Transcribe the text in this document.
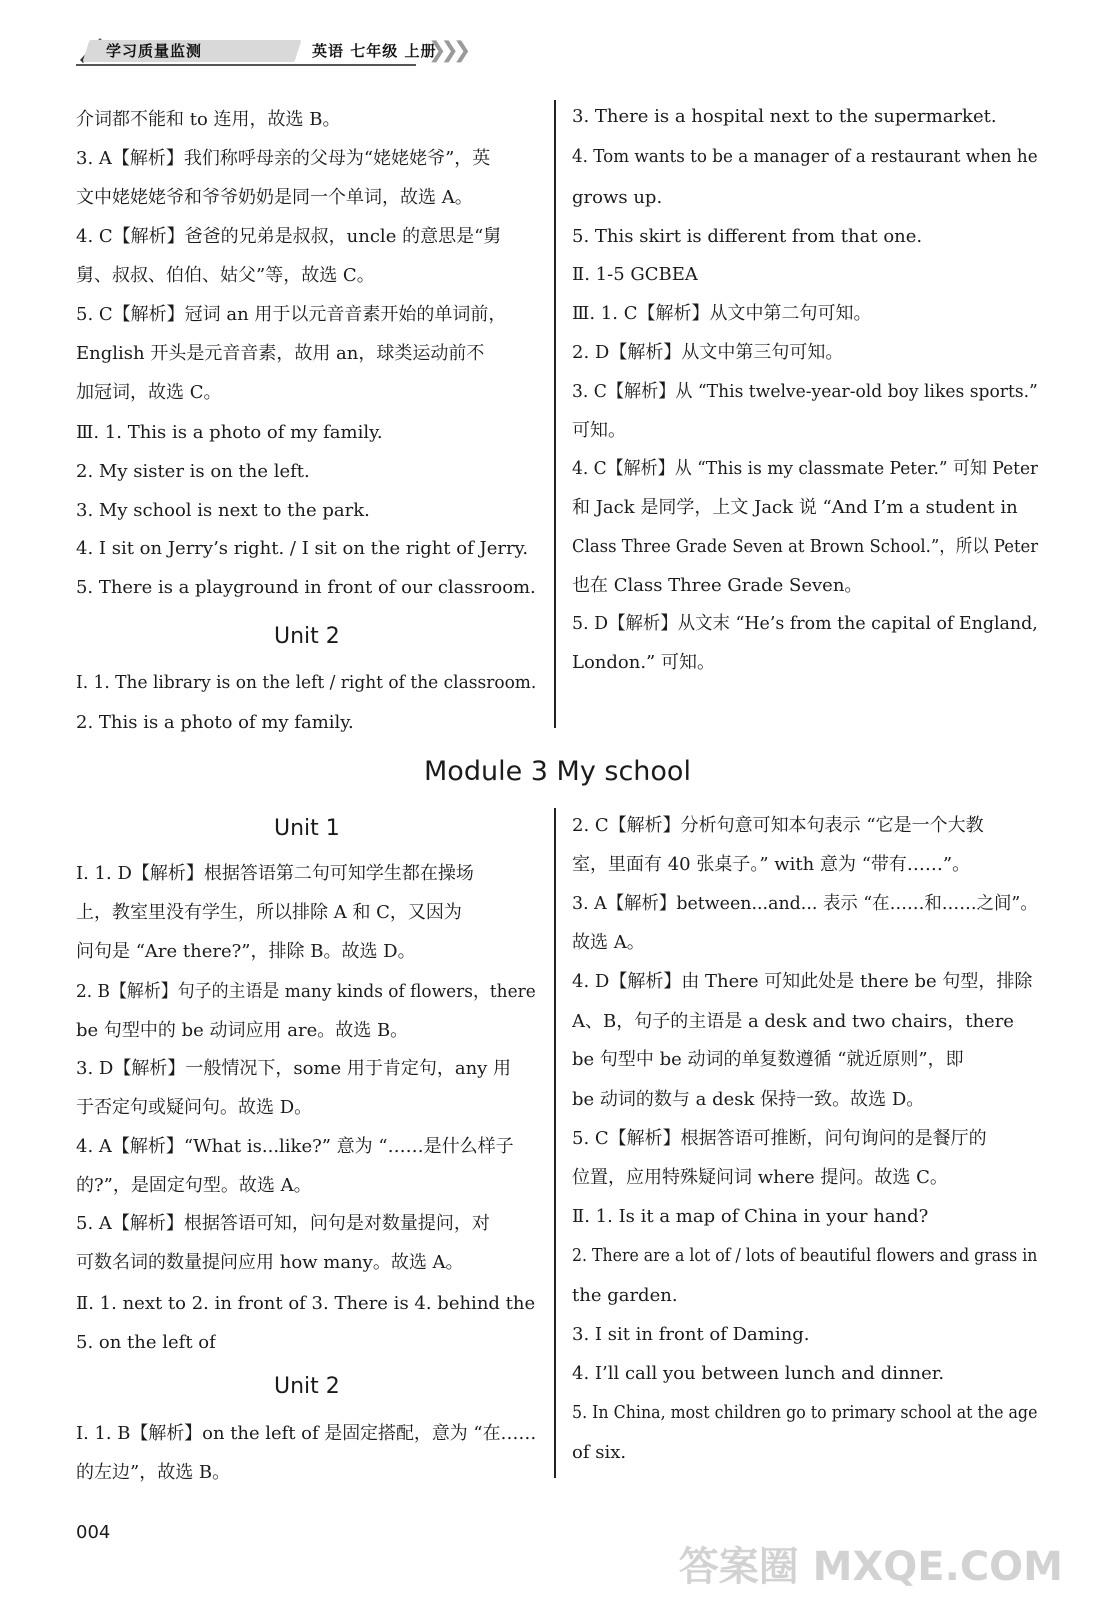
学习质量监测	英语 七年级 上册
❯❯❯
Unit 2
Module 3 My school
Unit 1
Unit 2
介词都不能和 to 连用，故选 B。
3. A【解析】我们称呼母亲的父母为“姥姥姥爷”，英
文中姥姥姥爷和爷爷奶奶是同一个单词，故选 A。
4. C【解析】爸爸的兄弟是叔叔，uncle 的意思是“舅
舅、叔叔、伯伯、姑父”等，故选 C。
5. C【解析】冠词 an 用于以元音音素开始的单词前，
English 开头是元音音素，故用 an，球类运动前不
加冠词，故选 C。
Ⅲ. 1. This is a photo of my family.
2. My sister is on the left.
3. My school is next to the park.
4. I sit on Jerry’s right. / I sit on the right of Jerry.
5. There is a playground in front of our classroom.
Ⅰ. 1. The library is on the left / right of the classroom.
2. This is a photo of my family.
3. There is a hospital next to the supermarket.
4. Tom wants to be a manager of a restaurant when he
grows up.
5. This skirt is different from that one.
Ⅱ. 1-5 GCBEA
Ⅲ. 1. C【解析】从文中第二句可知。
2. D【解析】从文中第三句可知。
3. C【解析】从 “This twelve-year-old boy likes sports.”
可知。
4. C【解析】从 “This is my classmate Peter.” 可知 Peter
和 Jack 是同学，上文 Jack 说 “And I’m a student in
Class Three Grade Seven at Brown School.”，所以 Peter
也在 Class Three Grade Seven。
5. D【解析】从文末 “He’s from the capital of England,
London.” 可知。
Ⅰ. 1. D【解析】根据答语第二句可知学生都在操场
上，教室里没有学生，所以排除 A 和 C，又因为
问句是 “Are there?”，排除 B。故选 D。
2. B【解析】句子的主语是 many kinds of flowers，there
be 句型中的 be 动词应用 are。故选 B。
3. D【解析】一般情况下，some 用于肯定句，any 用
于否定句或疑问句。故选 D。
4. A【解析】“What is...like?” 意为 “……是什么样子
的?”，是固定句型。故选 A。
5. A【解析】根据答语可知，问句是对数量提问，对
可数名词的数量提问应用 how many。故选 A。
Ⅱ. 1. next to 2. in front of 3. There is 4. behind the
5. on the left of
Ⅰ. 1. B【解析】on the left of 是固定搭配，意为 “在……
的左边”，故选 B。
2. C【解析】分析句意可知本句表示 “它是一个大教
室，里面有 40 张桌子。” with 意为 “带有……”。
3. A【解析】between...and... 表示 “在……和……之间”。
故选 A。
4. D【解析】由 There 可知此处是 there be 句型，排除
A、B，句子的主语是 a desk and two chairs，there
be 句型中 be 动词的单复数遵循 “就近原则”，即
be 动词的数与 a desk 保持一致。故选 D。
5. C【解析】根据答语可推断，问句询问的是餐厅的
位置，应用特殊疑问词 where 提问。故选 C。
Ⅱ. 1. Is it a map of China in your hand?
2. There are a lot of / lots of beautiful flowers and grass in
the garden.
3. I sit in front of Daming.
4. I’ll call you between lunch and dinner.
5. In China, most children go to primary school at the age
of six.
004
答案圈 MXQE.COM
